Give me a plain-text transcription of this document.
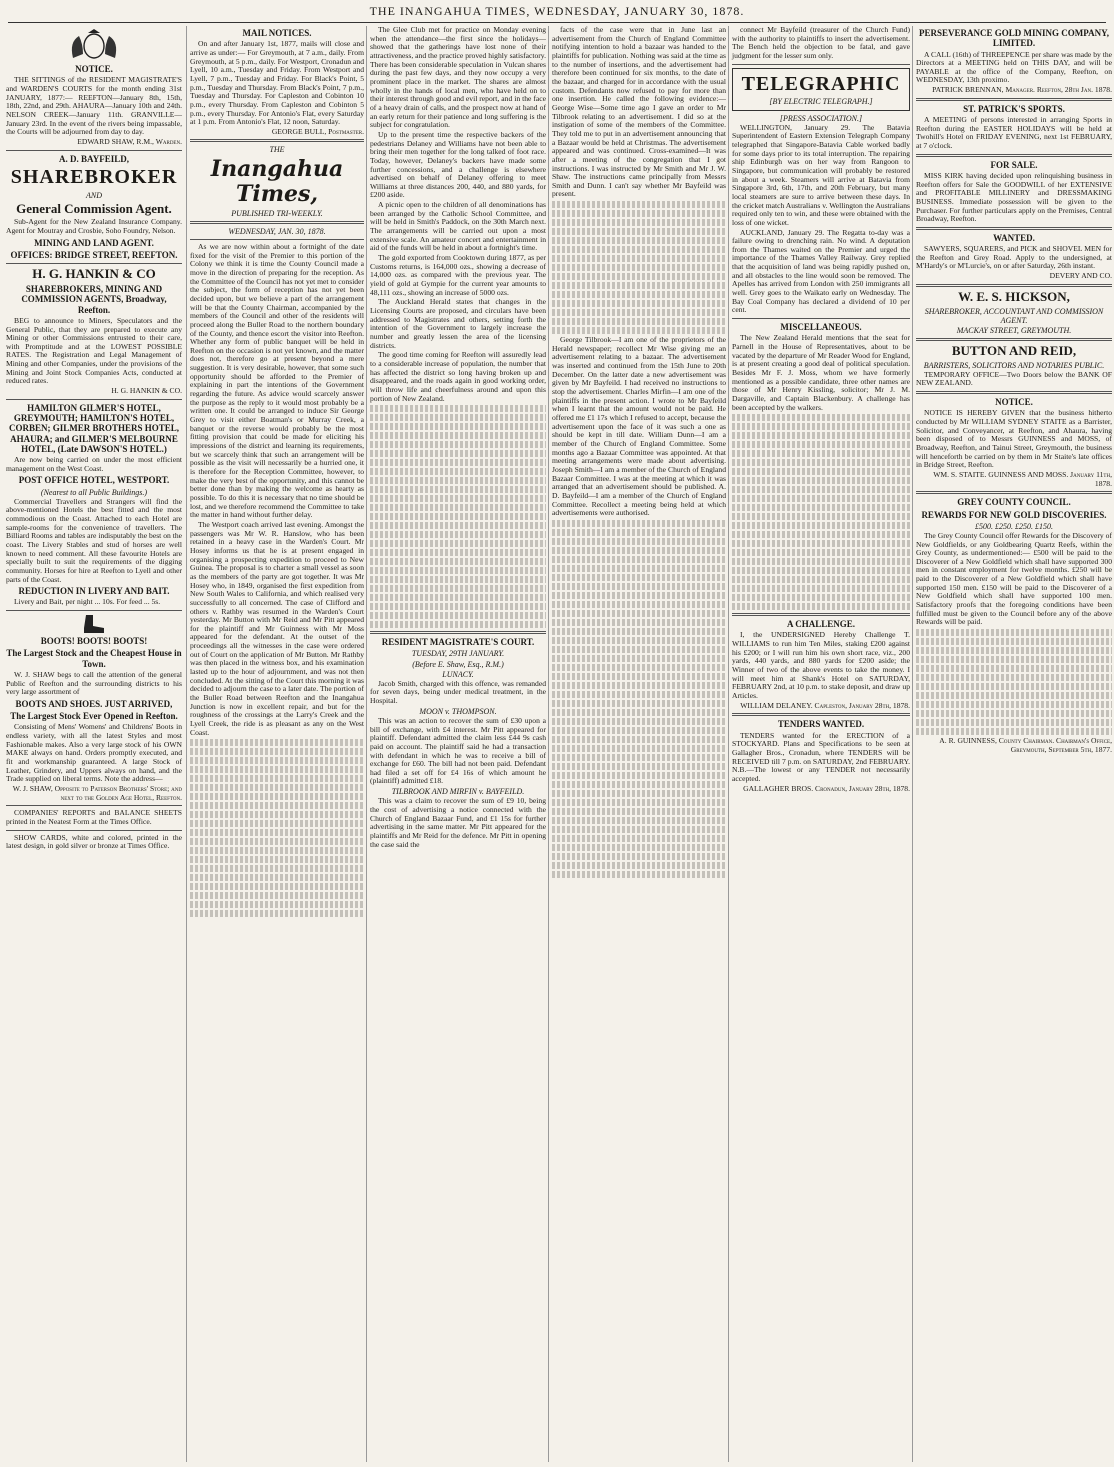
THE INANGAHUA TIMES, WEDNESDAY, JANUARY 30, 1878.
NOTICE.

THE SITTINGS of the RESIDENT MAGISTRATE'S and WARDEN'S COURTS for the month ending 31st JANUARY, 1877:— REEFTON—January 8th, 15th, 18th, 22nd, and 29th. AHAURA—January 10th and 24th. NELSON CREEK—January 11th. GRANVILLE—January 23rd. In the event of the rivers being impassable, the Courts will be adjourned from day to day.

EDWARD SHAW, R.M., Warden.

A. D. BAYFEILD,
SHAREBROKER
AND
General Commission Agent.

Sub-Agent for the New Zealand Insurance Company. Agent for Moutray and Crosbie, Soho Foundry, Nelson.

MINING AND LAND AGENT.
OFFICES: BRIDGE STREET, REEFTON.
H. G. HANKIN & CO
SHAREBROKERS, MINING AND COMMISSION AGENTS, Broadway, Reefton.

BEG to announce to Miners, Speculators and the General Public, that they are prepared to execute any Mining or other Commissions entrusted to their care, with Promptitude and at the LOWEST POSSIBLE RATES. The Registration and Legal Management of Mining and other Companies, under the provisions of the Mining and Joint Stock Companies Acts, conducted at reduced rates.

H. G. HANKIN & CO.

HAMILTON GILMER'S HOTEL, GREYMOUTH; HAMILTON'S HOTEL, CORBEN; GILMER BROTHERS HOTEL, AHAURA; and GILMER'S MELBOURNE HOTEL, (Late DAWSON'S HOTEL.)

Are now being carried on under the most efficient management on the West Coast.

POST OFFICE HOTEL, WESTPORT.
(Nearest to all Public Buildings.)

Commercial Travellers and Strangers will find the above-mentioned Hotels the best fitted and the most commodious on the Coast. Attached to each Hotel are sample-rooms for the convenience of travellers. The Billiard Rooms and tables are indisputably the best on the coast. The Livery Stables and stud of horses are well known to need comment. All these favourite Hotels are specially built to suit the requirements of the digging community. Horses for hire at Reefton to Lyell and other parts of the Coast.

REDUCTION IN LIVERY AND BAIT.

Livery and Bait, per night ... 10s. For feed ... 5s.

BOOTS! BOOTS! BOOTS!
The Largest Stock and the Cheapest House in Town.

W. J. SHAW begs to call the attention of the general Public of Reefton and the surrounding districts to his very large assortment of

BOOTS AND SHOES. JUST ARRIVED,
The Largest Stock Ever Opened in Reefton.

Consisting of Mens' Womens' and Childrens' Boots in endless variety, with all the latest Styles and most Fashionable makes. Also a very large stock of his OWN MAKE always on hand. Orders promptly executed, and fit and workmanship guaranteed. A large Stock of Leather, Grindery, and Uppers always on hand, and the Trade supplied on liberal terms. Note the address—

W. J. SHAW, Opposite to Paterson Brothers' Store; and next to the Golden Age Hotel, Reefton.

COMPANIES' REPORTS and BALANCE SHEETS printed in the Neatest Form at the Times Office.

SHOW CARDS, white and colored, printed in the latest design, in gold silver or bronze at Times Office.

MAIL NOTICES.

On and after January 1st, 1877, mails will close and arrive as under:— For Greymouth, at 7 a.m., daily. From Greymouth, at 5 p.m., daily. For Westport, Cronadun and Lyell, 10 a.m., Tuesday and Friday. From Westport and Lyell, 7 p.m., Tuesday and Friday. For Black's Point, 5 p.m., Tuesday and Thursday. From Black's Point, 7 p.m., Tuesday and Thursday. For Capleston and Cobinton 10 p.m., every Thursday. From Capleston and Cobinton 5 p.m., every Thursday. For Antonio's Flat, every Saturday at 1 p.m. From Antonio's Flat, 12 noon, Saturday.

GEORGE BULL, Postmaster.

THE
Inangahua Times,
PUBLISHED TRI-WEEKLY.
WEDNESDAY, JAN. 30, 1878.

As we are now within about a fortnight of the date fixed for the visit of the Premier to this portion of the Colony we think it is time the County Council made a move in the direction of preparing for the reception. As the Committee of the Council has not yet met to consider the subject, the form of reception has not yet been decided upon, but we believe a part of the arrangement will be that the County Chairman, accompanied by the members of the Council and other of the residents will proceed along the Buller Road to the northern boundary of the County, and thence escort the visitor into Reefton. Whether any form of public banquet will be held in Reefton on the occasion is not yet known, and the matter does not, therefore go at present beyond a mere suggestion. It is very desirable, however, that some such opportunity should be afforded to the Premier of explaining in part the intentions of the Government regarding the future. As advice would scarcely answer the purpose as the reply to it would most probably be a written one. It could be arranged to induce Sir George Grey to visit either Boatman's or Murray Creek, a banquet or the reverse would probably be the most fitting provision that could be made for eliciting his impressions of the district and learning its requirements, but we scarcely think that such an arrangement will be possible as the visit will necessarily be a hurried one, it is therefore for the Reception Committee, however, to make the very best of the opportunity, and this cannot be better done than by making the welcome as hearty as possible. To do this it is necessary that no time should be lost, and we therefore recommend the Committee to take the matter in hand without further delay.

The Westport coach arrived last evening. Amongst the passengers was Mr W. R. Hanslow, who has been retained in a heavy case in the Warden's Court. Mr Hosey informs us that he is at present engaged in organising a prospecting expedition to proceed to New Guinea. The proposal is to charter a small vessel as soon as the members of the party are got together. It was Mr Hosey who, in 1849, organised the first expedition from New South Wales to California, and which realised very successfully to all concerned. The case of Clifford and others v. Rathby was resumed in the Warden's Court yesterday. Mr Button with Mr Reid and Mr Pitt appeared for the plaintiff and Mr Guinness with Mr Moss appeared for the defendant. At the outset of the proceedings all the witnesses in the case were ordered out of Court on the application of Mr Button. Mr Rathby was then placed in the witness box, and his examination lasted up to the hour of adjournment, and was not then concluded. At the sitting of the Court this morning it was decided to adjourn the case to a later date. The portion of the Buller Road between Reefton and the Inangahua Junction is now in excellent repair, and but for the roughness of the crossings at the Larry's Creek and the Lyell Creek, the ride is as pleasant as any on the West Coast.

The Glee Club met for practice on Monday evening when the attendance—the first since the holidays—showed that the gatherings have lost none of their attractiveness, and the practice proved highly satisfactory. There has been considerable speculation in Vulcan shares during the past few days, and they now occupy a very prominent place in the market. The shares are almost wholly in the hands of local men, who have held on to their interest through good and evil report, and in the face of a heavy drain of calls, and the prospect now at hand of an early return for their patience and long suffering is the subject for congratulation.

Up to the present time the respective backers of the pedestrians Delaney and Williams have not been able to bring their men together for the long talked of foot race. Today, however, Delaney's backers have made some further concessions, and a challenge is elsewhere advertised on behalf of Delaney offering to meet Williams at three distances 200, 440, and 880 yards, for £200 aside.

A picnic open to the children of all denominations has been arranged by the Catholic School Committee, and will be held in Smith's Paddock, on the 30th March next. The arrangements will be carried out upon a most extensive scale. An amateur concert and entertainment in aid of the funds will be held in about a fortnight's time.

The gold exported from Cooktown during 1877, as per Customs returns, is 164,000 ozs., showing a decrease of 14,000 ozs. as compared with the previous year. The yield of gold at Gympie for the current year amounts to 48,111 ozs., showing an increase of 5000 ozs.

The Auckland Herald states that changes in the Licensing Courts are proposed, and circulars have been addressed to Magistrates and others, setting forth the intention of the Government to largely increase the number and greatly lessen the area of the licensing districts.

The good time coming for Reefton will assuredly lead to a considerable increase of population, the number that has affected the district so long having broken up and disappeared, and the roads again in good working order, will throw life and cheerfulness around and upon this portion of New Zealand.

RESIDENT MAGISTRATE'S COURT.
TUESDAY, 29TH JANUARY.
(Before E. Shaw, Esq., R.M.)
LUNACY.

Jacob Smith, charged with this offence, was remanded for seven days, being under medical treatment, in the Hospital.

MOON v. THOMPSON.

This was an action to recover the sum of £30 upon a bill of exchange, with £4 interest. Mr Pitt appeared for plaintiff. Defendant admitted the claim less £44 9s cash paid on account. The plaintiff said he had a transaction with defendant in which he was to receive a bill of exchange for £60. The bill had not been paid. Defendant had filed a set off for £4 16s of which amount he (plaintiff) admitted £18.

TILBROOK AND MIRFIN v. BAYFEILD.

This was a claim to recover the sum of £9 10, being the cost of advertising a notice connected with the Church of England Bazaar Fund, and £1 15s for further advertising in the same matter. Mr Pitt appeared for the plaintiffs and Mr Reid for the defence. Mr Pitt in opening the case said the

facts of the case were that in June last an advertisement from the Church of England Committee notifying intention to hold a bazaar was handed to the plaintiffs for publication. Nothing was said at the time as to the number of insertions, and the advertisement had therefore been continued for six months, to the date of the bazaar, and charged for in accordance with the usual custom. Defendants now refused to pay for more than one insertion. He called the following evidence:— George Wise—Some time ago I gave an order to Mr Tilbrook relating to an advertisement. I did so at the instigation of some of the members of the Committee. They told me to put in an advertisement announcing that a Bazaar would be held at Christmas. The advertisement appeared and was continued. Cross-examined—It was after a meeting of the congregation that I got instructions. I was instructed by Mr Smith and Mr J. W. Shaw. The instructions came principally from Messrs Smith and Dunn. I can't say whether Mr Bayfeild was present.

George Tilbrook—I am one of the proprietors of the Herald newspaper; recollect Mr Wise giving me an advertisement relating to a bazaar. The advertisement was inserted and continued from the 15th June to 20th December. On the latter date a new advertisement was given by Mr Bayfeild. I had received no instructions to stop the advertisement. Charles Mirfin—I am one of the plaintiffs in the present action. I wrote to Mr Bayfeild when I learnt that the amount would not be paid. He offered me £1 17s which I refused to accept, because the advertisement upon the face of it was such a one as should be kept in till date. William Dunn—I am a member of the Church of England Committee. Some months ago a Bazaar Committee was appointed. At that meeting arrangements were made about advertising. Joseph Smith—I am a member of the Church of England Bazaar Committee. I was at the meeting at which it was arranged that an advertisement should be published. A. D. Bayfeild—I am a member of the Church of England Committee. Recollect a meeting being held at which advertisements were authorised.

connect Mr Bayfeild (treasurer of the Church Fund) with the authority to plaintiffs to insert the advertisement. The Bench held the objection to be fatal, and gave judgment for the lesser sum only.

TELEGRAPHIC
[BY ELECTRIC TELEGRAPH.]
[PRESS ASSOCIATION.]

WELLINGTON, January 29. The Batavia Superintendent of Eastern Extension Telegraph Company telegraphed that Singapore-Batavia Cable worked badly for some days prior to its total interruption. The repairing ship Edinburgh was on her way from Rangoon to Singapore, but communication will probably be restored in about a week. Steamers will arrive at Batavia from Singapore 3rd, 6th, 17th, and 20th February, but many local steamers are sure to arrive between these days. In the cricket match Australians v. Wellington the Australians required only ten to win, and these were obtained with the loss of one wicket.

AUCKLAND, January 29. The Regatta to-day was a failure owing to drenching rain. No wind. A deputation from the Thames waited on the Premier and urged the importance of the Thames Valley Railway. Grey replied that the acquisition of land was being rapidly pushed on, and all obstacles to the line would soon be removed. The Apelles has arrived from London with 250 immigrants all well. Grey goes to the Waikato early on Wednesday. The Bay Coal Company has declared a dividend of 10 per cent.

MISCELLANEOUS.

The New Zealand Herald mentions that the seat for Parnell in the House of Representatives, about to be vacated by the departure of Mr Reader Wood for England, is at present creating a good deal of political speculation. Besides Mr F. J. Moss, whom we have formerly mentioned as a possible candidate, three other names are those of Mr Henry Kissling, solicitor; Mr J. M. Dargaville, and Captain Blackenbury. A challenge has been accepted by the walkers.

A CHALLENGE.

I, the UNDERSIGNED Hereby Challenge T. WILLIAMS to run him Ten Miles, staking £200 against his £200; or I will run him his own short race, viz., 200 yards, 440 yards, and 880 yards for £200 aside; the Winner of two of the above events to take the money. I will meet him at Shank's Hotel on SATURDAY, FEBRUARY 2nd, at 10 p.m. to stake deposit, and draw up Articles.

WILLIAM DELANEY. Capleston, January 28th, 1878.

TENDERS WANTED.

TENDERS wanted for the ERECTION of a STOCKYARD. Plans and Specifications to be seen at Gallagher Bros., Cronadun, where TENDERS will be RECEIVED till 7 p.m. on SATURDAY, 2nd FEBRUARY. N.B.—The lowest or any TENDER not necessarily accepted.

GALLAGHER BROS. Cronadun, January 28th, 1878.

PERSEVERANCE GOLD MINING COMPANY, LIMITED.

A CALL (16th) of THREEPENCE per share was made by the Directors at a MEETING held on THIS DAY, and will be PAYABLE at the office of the Company, Reefton, on WEDNESDAY, 13th proximo.

PATRICK BRENNAN, Manager. Reefton, 28th Jan. 1878.

ST. PATRICK'S SPORTS.

A MEETING of persons interested in arranging Sports in Reefton during the EASTER HOLIDAYS will be held at Twohill's Hotel on FRIDAY EVENING, next 1st FEBRUARY, at 7 o'clock.

FOR SALE.

MISS KIRK having decided upon relinquishing business in Reefton offers for Sale the GOODWILL of her EXTENSIVE and PROFITABLE MILLINERY and DRESSMAKING BUSINESS. Immediate possession will be given to the Purchaser. For further particulars apply on the Premises, Central Broadway, Reefton.

WANTED.

SAWYERS, SQUARERS, and PICK and SHOVEL MEN for the Reefton and Grey Road. Apply to the undersigned, at M'Hardy's or M'Lurcie's, on or after Saturday, 26th instant.

DEVERY AND CO.

W. E. S. HICKSON,
SHAREBROKER, ACCOUNTANT AND COMMISSION AGENT.
MACKAY STREET, GREYMOUTH.
BUTTON AND REID,
BARRISTERS, SOLICITORS AND NOTARIES PUBLIC.

TEMPORARY OFFICE—Two Doors below the BANK OF NEW ZEALAND.

NOTICE.

NOTICE IS HEREBY GIVEN that the business hitherto conducted by Mr WILLIAM SYDNEY STAITE as a Barrister, Solicitor, and Conveyancer, at Reefton, and Ahaura, having been disposed of to Messrs GUINNESS and MOSS, of Broadway, Reefton, and Tainui Street, Greymouth, the business will henceforth be carried on by them in Mr Staite's late offices in Bridge Street, Reefton.

WM. S. STAITE. GUINNESS AND MOSS. January 11th, 1878.

GREY COUNTY COUNCIL.
REWARDS FOR NEW GOLD DISCOVERIES.
£500. £250. £250. £150.

The Grey County Council offer Rewards for the Discovery of New Goldfields, or any Goldbearing Quartz Reefs, within the Grey County, as undermentioned:— £500 will be paid to the Discoverer of a New Goldfield which shall have supported 300 men in constant employment for twelve months. £250 will be paid to the Discoverer of a New Goldfield which shall have supported 150 men. £150 will be paid to the Discoverer of a New Goldfield which shall have supported 100 men. Satisfactory proofs that the foregoing conditions have been fulfilled must be given to the Council before any of the above Rewards will be paid.

A. R. GUINNESS, County Chairman. Chairman's Office, Greymouth, September 5th, 1877.
